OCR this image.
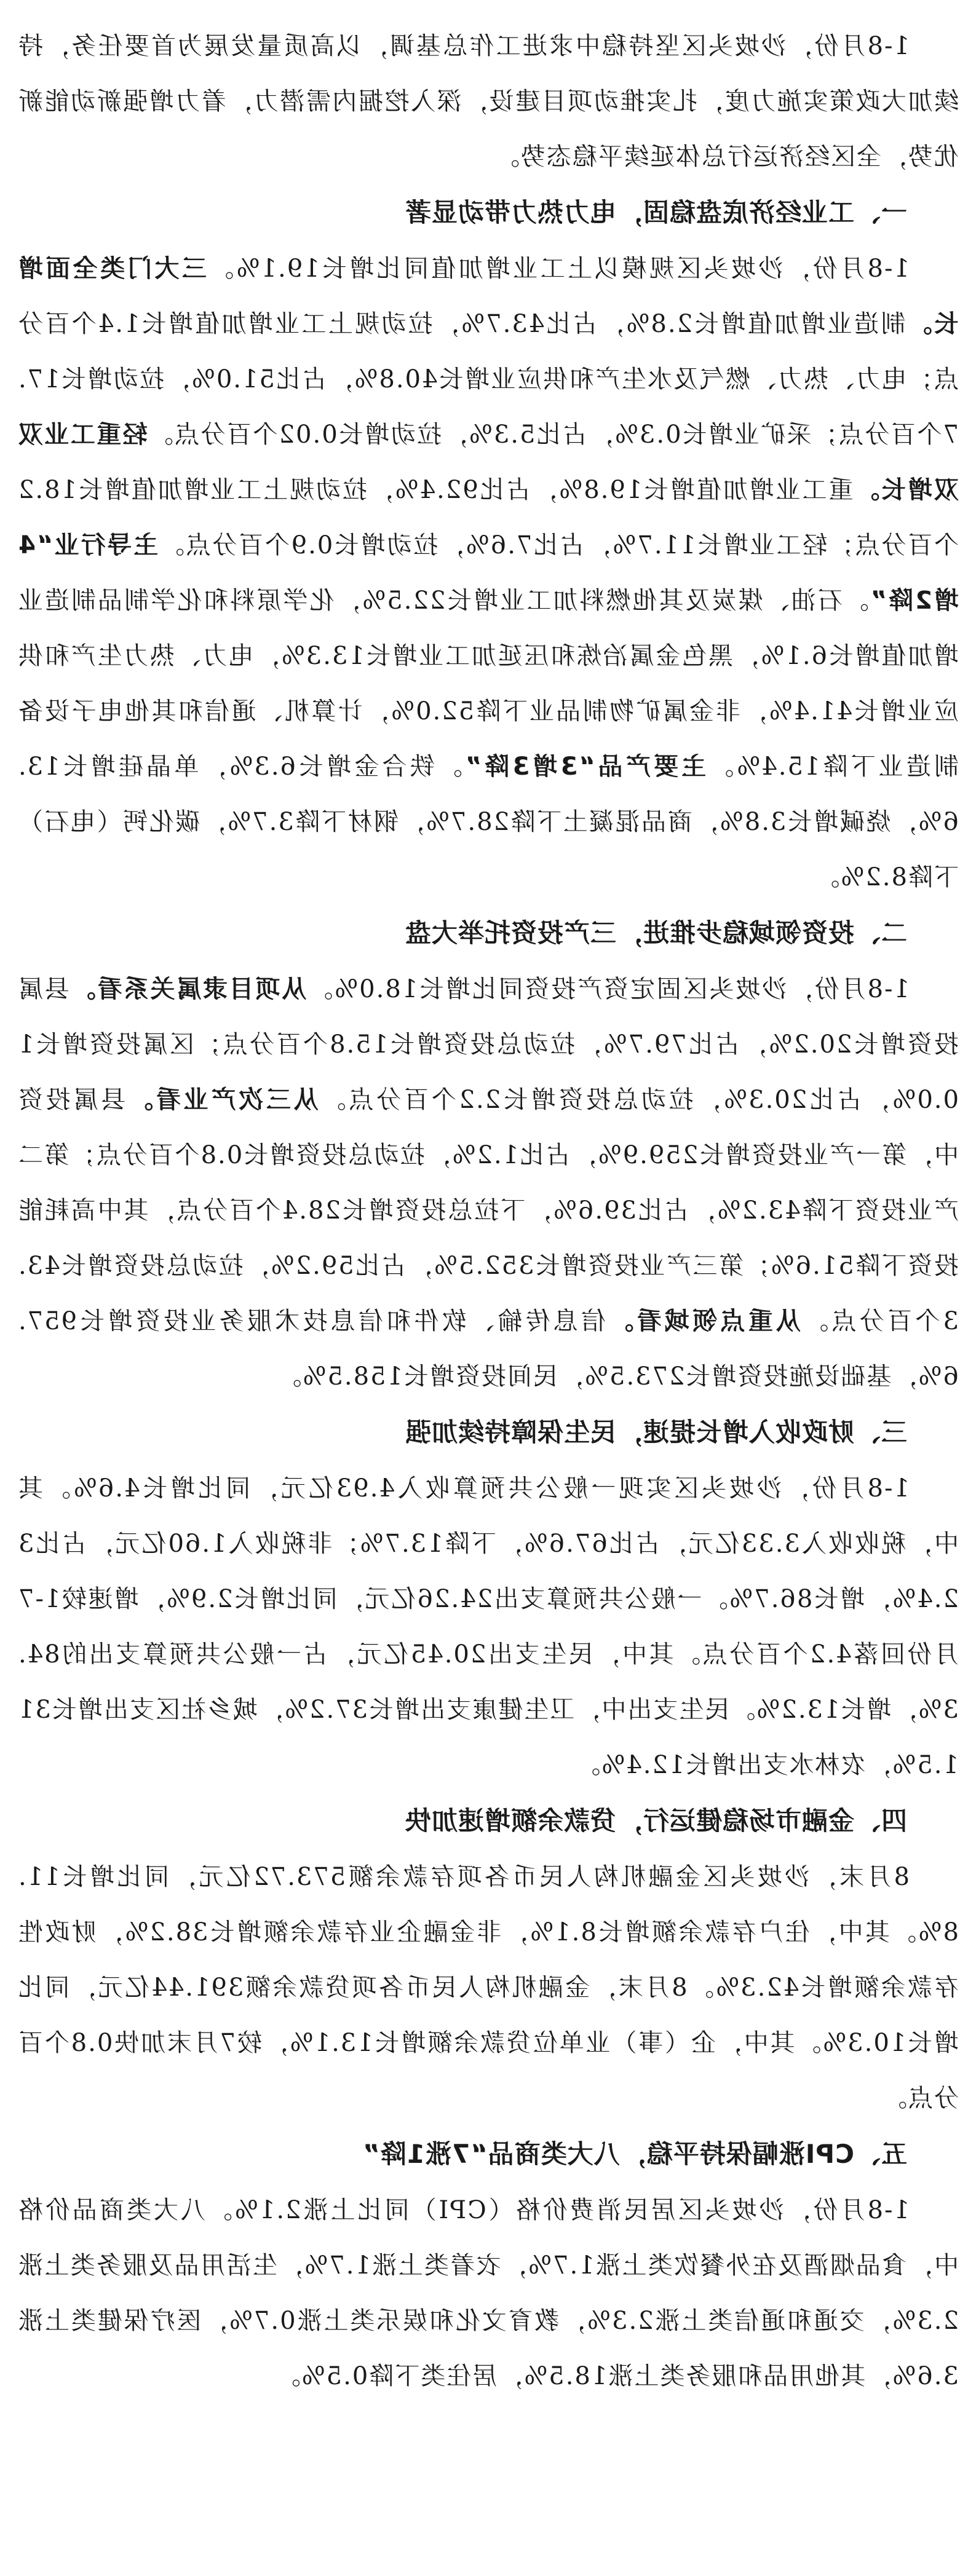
1-8月份，沙坡头区坚持稳中求进工作总基调，以高质量发展为首要任务，持续加大政策实施力度，扎实推动项目建设，深入挖掘内需潜力，着力增强新动能新优势，全区经济运行总体延续平稳态势。

一、工业经济底盘稳固，电力热力带动显著

1-8月份，沙坡头区规模以上工业增加值同比增长19.1%。三大门类全面增长。制造业增加值增长2.8%，占比43.7%，拉动规上工业增加值增长1.4个百分点；电力、热力、燃气及水生产和供应业增长40.8%，占比51.0%，拉动增长17.7个百分点；采矿业增长0.3%，占比5.3%，拉动增长0.02个百分点。轻重工业双双增长。重工业增加值增长19.8%，占比92.4%，拉动规上工业增加值增长18.2个百分点；轻工业增长11.7%，占比7.6%，拉动增长0.9个百分点。主导行业“4增2降”。石油、煤炭及其他燃料加工业增长22.5%，化学原料和化学制品制造业增加值增长6.1%，黑色金属冶炼和压延加工业增长13.3%，电力、热力生产和供应业增长41.4%，非金属矿物制品业下降52.0%，计算机、通信和其他电子设备制造业下降15.4%。主要产品“3增3降”。铁合金增长6.3%，单晶硅增长13.6%，烧碱增长3.8%，商品混凝土下降28.7%，钢材下降3.7%，碳化钙（电石）下降8.2%。

二、投资领域稳步推进，三产投资托举大盘

1-8月份，沙坡头区固定资产投资同比增长18.0%。从项目隶属关系看。县属投资增长20.2%，占比79.7%，拉动总投资增长15.8个百分点；区属投资增长10.0%，占比20.3%，拉动总投资增长2.2个百分点。从三次产业看。县属投资中，第一产业投资增长259.9%，占比1.2%，拉动总投资增长0.8个百分点；第二产业投资下降43.2%，占比39.6%，下拉总投资增长28.4个百分点，其中高耗能投资下降51.6%；第三产业投资增长352.5%，占比59.2%，拉动总投资增长43.3个百分点。从重点领域看。信息传输、软件和信息技术服务业投资增长957.6%，基础设施投资增长273.5%，民间投资增长158.5%。

三、财政收入增长提速，民生保障持续加强

1-8月份，沙坡头区实现一般公共预算收入4.93亿元，同比增长4.6%。其中，税收收入3.33亿元，占比67.6%，下降13.7%；非税收入1.60亿元，占比32.4%，增长86.7%。一般公共预算支出24.26亿元，同比增长2.9%，增速较1-7月份回落4.2个百分点。其中，民生支出20.45亿元，占一般公共预算支出的84.3%，增长13.2%。民生支出中，卫生健康支出增长37.2%，城乡社区支出增长311.5%，农林水支出增长12.4%。

四、金融市场稳健运行，贷款余额增速加快

8月末，沙坡头区金融机构人民币各项存款余额573.72亿元，同比增长11.8%。其中，住户存款余额增长8.1%，非金融企业存款余额增长38.2%，财政性存款余额增长42.3%。8月末，金融机构人民币各项贷款余额391.44亿元，同比增长10.3%。其中，企（事）业单位贷款余额增长13.1%，较7月末加快0.8个百分点。

五、CPI涨幅保持平稳，八大类商品“7涨1降”

1-8月份，沙坡头区居民消费价格（CPI）同比上涨2.1%。八大类商品价格中，食品烟酒及在外餐饮类上涨1.7%，衣着类上涨1.7%，生活用品及服务类上涨2.3%，交通和通信类上涨2.3%，教育文化和娱乐类上涨0.7%，医疗保健类上涨3.6%，其他用品和服务类上涨18.5%，居住类下降0.5%。
